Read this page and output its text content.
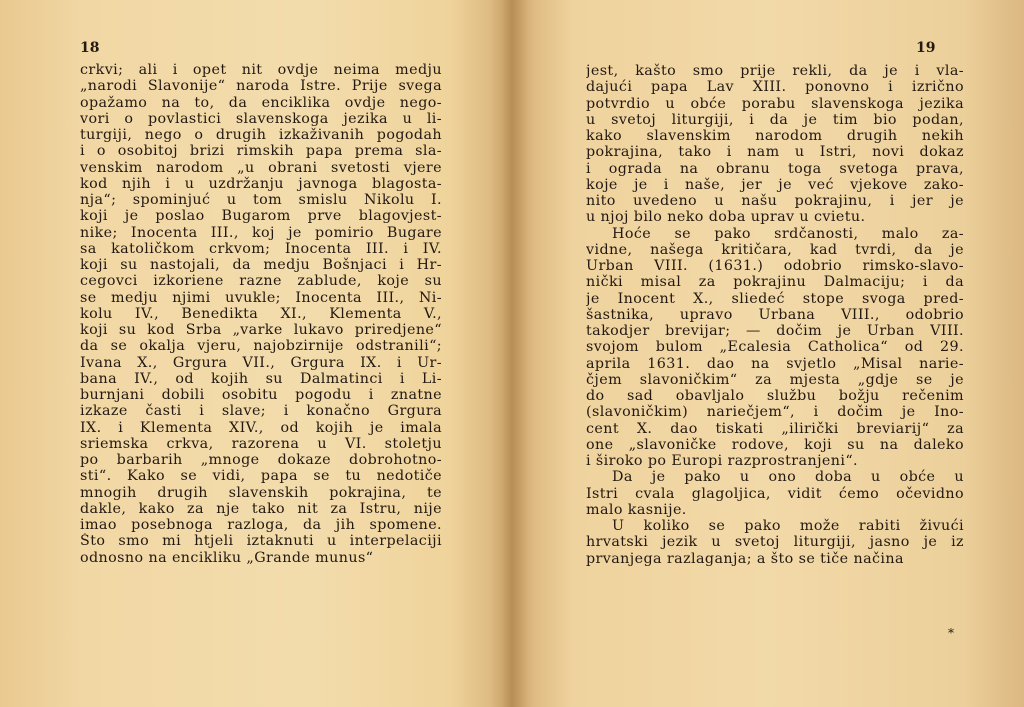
18
crkvi; ali i opet nit ovdje neima medju
„narodi Slavonije“ naroda Istre. Prije svega
opažamo na to, da enciklika ovdje nego-
vori o povlastici slavenskoga jezika u li-
turgiji, nego o drugih izkaživanih pogodah
i o osobitoj brizi rimskih papa prema sla-
venskim narodom „u obrani svetosti vjere
kod njih i u uzdržanju javnoga blagosta-
nja“; spominjuć u tom smislu Nikolu I.
koji je poslao Bugarom prve blagovjest-
nike; Inocenta III., koj je pomirio Bugare
sa katoličkom crkvom; Inocenta III. i IV.
koji su nastojali, da medju Bošnjaci i Hr-
cegovci izkoriene razne zablude, koje su
se medju njimi uvukle; Inocenta III., Ni-
kolu IV., Benedikta XI., Klementa V.,
koji su kod Srba „varke lukavo priredjene“
da se okalja vjeru, najobzirnije odstranili“;
Ivana X., Grgura VII., Grgura IX. i Ur-
bana IV., od kojih su Dalmatinci i Li-
burnjani dobili osobitu pogodu i znatne
izkaze časti i slave; i konačno Grgura
IX. i Klementa XIV., od kojih je imala
sriemska crkva, razorena u VI. stoletju
po barbarih „mnoge dokaze dobrohotno-
sti“. Kako se vidi, papa se tu nedotiče
mnogih drugih slavenskih pokrajina, te
dakle, kako za nje tako nit za Istru, nije
imao posebnoga razloga, da jih spomene.
Što smo mi htjeli iztaknuti u interpelaciji
odnosno na encikliku „Grande munus“
19
jest, kašto smo prije rekli, da je i vla-
dajući papa Lav XIII. ponovno i izrično
potvrdio u obće porabu slavenskoga jezika
u svetoj liturgiji, i da je tim bio podan,
kako slavenskim narodom drugih nekih
pokrajina, tako i nam u Istri, novi dokaz
i ograda na obranu toga svetoga prava,
koje je i naše, jer je već vjekove zako-
nito uvedeno u našu pokrajinu, i jer je
u njoj bilo neko doba uprav u cvietu.
Hoće se pako srdčanosti, malo za-
vidne, našega kritičara, kad tvrdi, da je
Urban VIII. (1631.) odobrio rimsko-slavo-
nički misal za pokrajinu Dalmaciju; i da
je Inocent X., sliedeć stope svoga pred-
šastnika, upravo Urbana VIII., odobrio
takodjer brevijar; — dočim je Urban VIII.
svojom bulom „Ecalesia Catholica“ od 29.
aprila 1631. dao na svjetlo „Misal narie-
čjem slavoničkim“ za mjesta „gdje se je
do sad obavljalo službu božju rečenim
(slavoničkim) nariečjem“, i dočim je Ino-
cent X. dao tiskati „ilirički breviarij“ za
one „slavoničke rodove, koji su na daleko
i široko po Europi razprostranjeni“.
Da je pako u ono doba u obće u
Istri cvala glagoljica, vidit ćemo očevidno
malo kasnije.
U koliko se pako može rabiti živući
hrvatski jezik u svetoj liturgiji, jasno je iz
prvanjega razlaganja; a što se tiče načina
*
